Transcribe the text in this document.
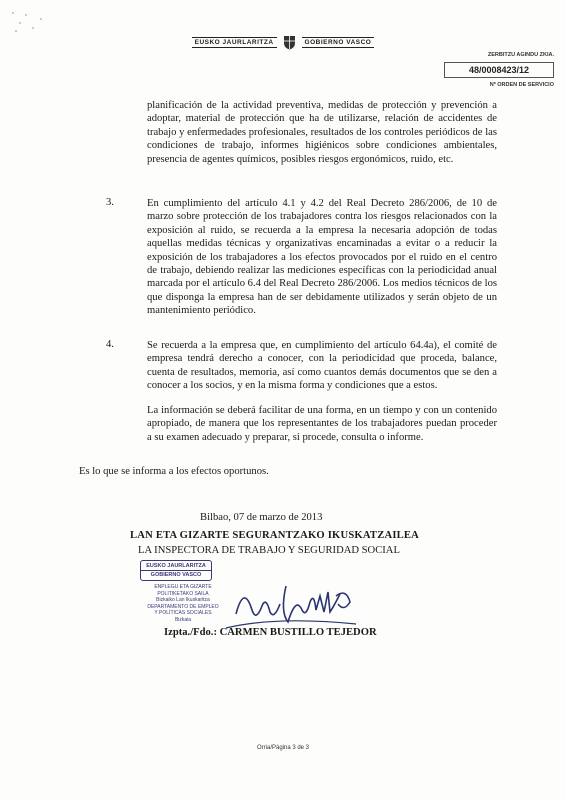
EUSKO JAURLARITZA	GOBIERNO VASCO
ZERBITZU AGINDU ZKIA.
48/0008423/12
Nº ORDEN DE SERVICIO
planificación de la actividad preventiva, medidas de protección y prevención a adoptar, material de protección que ha de utilizarse, relación de accidentes de trabajo y enfermedades profesionales, resultados de los controles periódicos de las condiciones de trabajo, informes higiénicos sobre condiciones ambientales, presencia de agentes químicos, posibles riesgos ergonómicos, ruido, etc.
3.	En cumplimiento del artículo 4.1 y 4.2 del Real Decreto 286/2006, de 10 de marzo sobre protección de los trabajadores contra los riesgos relacionados con la exposición al ruido, se recuerda a la empresa la necesaria adopción de todas aquellas medidas técnicas y organizativas encaminadas a evitar o a reducir la exposición de los trabajadores a los efectos provocados por el ruido en el centro de trabajo, debiendo realizar las mediciones específicas con la periodicidad anual marcada por el artículo 6.4 del Real Decreto 286/2006. Los medios técnicos de los que disponga la empresa han de ser debidamente utilizados y serán objeto de un mantenimiento periódico.
4.	Se recuerda a la empresa que, en cumplimiento del artículo 64.4a), el comité de empresa tendrá derecho a conocer, con la periodicidad que proceda, balance, cuenta de resultados, memoria, así como cuantos demás documentos que se den a conocer a los socios, y en la misma forma y condiciones que a estos.
La información se deberá facilitar de una forma, en un tiempo y con un contenido apropiado, de manera que los representantes de los trabajadores puedan proceder a su examen adecuado y preparar, si procede, consulta o informe.
Es lo que se informa a los efectos oportunos.
Bilbao, 07 de marzo de 2013
LAN ETA GIZARTE SEGURANTZAKO IKUSKATZAILEA
LA INSPECTORA DE TRABAJO Y SEGURIDAD SOCIAL
EUSKO JAURLARITZA
GOBIERNO VASCO
ENPLEGU ETA GIZARTE
POLITIKETAKO SAILA
Bizkaiko Lan Ikuskaritza
DEPARTAMENTO DE EMPLEO
Y POLÍTICAS SOCIALES
Bizkaia
Izpta./Fdo.: CARMEN BUSTILLO TEJEDOR
Orria/Página 3 de 3
